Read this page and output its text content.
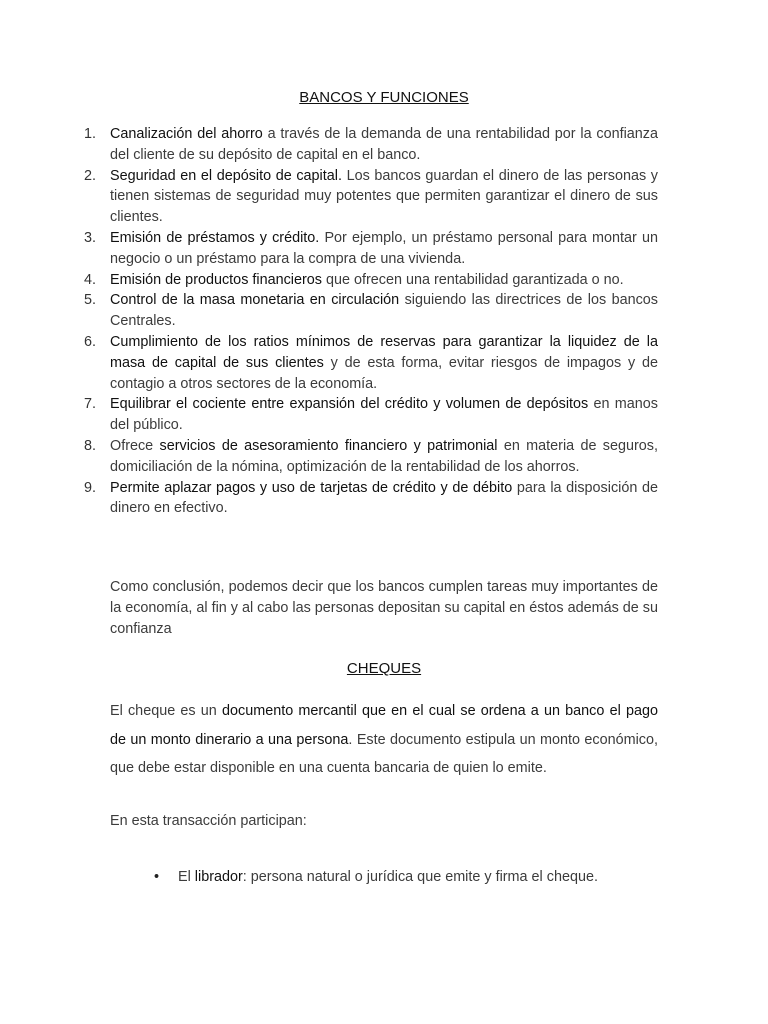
BANCOS Y FUNCIONES
1. Canalización del ahorro a través de la demanda de una rentabilidad por la confianza del cliente de su depósito de capital en el banco.
2. Seguridad en el depósito de capital. Los bancos guardan el dinero de las personas y tienen sistemas de seguridad muy potentes que permiten garantizar el dinero de sus clientes.
3. Emisión de préstamos y crédito. Por ejemplo, un préstamo personal para montar un negocio o un préstamo para la compra de una vivienda.
4. Emisión de productos financieros que ofrecen una rentabilidad garantizada o no.
5. Control de la masa monetaria en circulación siguiendo las directrices de los bancos Centrales.
6. Cumplimiento de los ratios mínimos de reservas para garantizar la liquidez de la masa de capital de sus clientes y de esta forma, evitar riesgos de impagos y de contagio a otros sectores de la economía.
7. Equilibrar el cociente entre expansión del crédito y volumen de depósitos en manos del público.
8. Ofrece servicios de asesoramiento financiero y patrimonial en materia de seguros, domiciliación de la nómina, optimización de la rentabilidad de los ahorros.
9. Permite aplazar pagos y uso de tarjetas de crédito y de débito para la disposición de dinero en efectivo.

Como conclusión, podemos decir que los bancos cumplen tareas muy importantes de la economía, al fin y al cabo las personas depositan su capital en éstos además de su confianza

CHEQUES

El cheque es un documento mercantil que en el cual se ordena a un banco el pago de un monto dinerario a una persona. Este documento estipula un monto económico, que debe estar disponible en una cuenta bancaria de quien lo emite.

En esta transacción participan:

• El librador: persona natural o jurídica que emite y firma el cheque.
